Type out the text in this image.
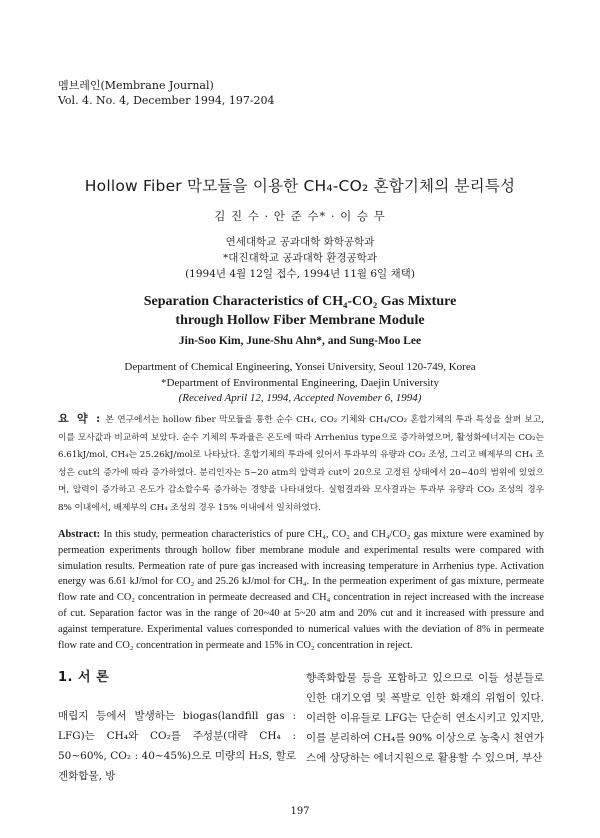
멤브레인(Membrane Journal)
Vol. 4. No. 4, December 1994, 197-204
Hollow Fiber 막모듈을 이용한 CH₄-CO₂ 혼합기체의 분리특성
김 진 수 · 안 준 수* · 이 승 무
연세대학교 공과대학 화학공학과
*대진대학교 공과대학 환경공학과
(1994년 4월 12일 접수, 1994년 11월 6일 채택)
Separation Characteristics of CH₄-CO₂ Gas Mixture
through Hollow Fiber Membrane Module
Jin-Soo Kim, June-Shu Ahn*, and Sung-Moo Lee
Department of Chemical Engineering, Yonsei University, Seoul 120-749, Korea
*Department of Environmental Engineering, Daejin University
(Received April 12, 1994, Accepted November 6, 1994)
요 약 : 본 연구에서는 hollow fiber 막모듈을 통한 순수 CH₄, CO₂ 기체와 CH₄/CO₂ 혼합기체의 투과 특성을 살펴 보고, 이를 모사값과 비교하여 보았다. 순수 기체의 투과율은 온도에 따라 Arrhenius type으로 증가하였으며, 활성화에너지는 CO₂는 6.61kJ/mol, CH₄는 25.26kJ/mol로 나타났다. 혼합기체의 투과에 있어서 투과부의 유량과 CO₂ 조성, 그리고 배제부의 CH₄ 조성은 cut의 증가에 따라 증가하였다. 분리인자는 5~20 atm의 압력과 cut이 20으로 고정된 상태에서 20~40의 범위에 있었으며, 압력이 증가하고 온도가 감소할수록 증가하는 경향을 나타내었다. 실험결과와 모사결과는 투과부 유량과 CO₂ 조성의 경우 8% 이내에서, 배제부의 CH₄ 조성의 경우 15% 이내에서 일치하였다.
Abstract: In this study, permeation characteristics of pure CH₄, CO₂ and CH₄/CO₂ gas mixture were examined by permeation experiments through hollow fiber membrane module and experimental results were compared with simulation results. Permeation rate of pure gas increased with increasing temperature in Arrhenius type. Activation energy was 6.61 kJ/mol for CO₂ and 25.26 kJ/mol for CH₄. In the permeation experiment of gas mixture, permeate flow rate and CO₂ concentration in permeate decreased and CH₄ concentration in reject increased with the increase of cut. Separation factor was in the range of 20~40 at 5~20 atm and 20% cut and it increased with pressure and against temperature. Experimental values corresponded to numerical values with the deviation of 8% in permeate flow rate and CO₂ concentration in permeate and 15% in CO₂ concentration in reject.
1. 서 론
매립지 등에서 발생하는 biogas(landfill gas : LFG)는 CH₄와 CO₂를 주성분(대략 CH₄ : 50~60%, CO₂ : 40~45%)으로 미량의 H₂S, 할로겐화합물, 방
향족화합물 등을 포함하고 있으므로 이들 성분들로 인한 대기오염 및 폭발로 인한 화재의 위험이 있다. 이러한 이유들로 LFG는 단순히 연소시키고 있지만, 이를 분리하여 CH₄를 90% 이상으로 농축시 천연가스에 상당하는 에너지원으로 활용할 수 있으며, 부산
197
